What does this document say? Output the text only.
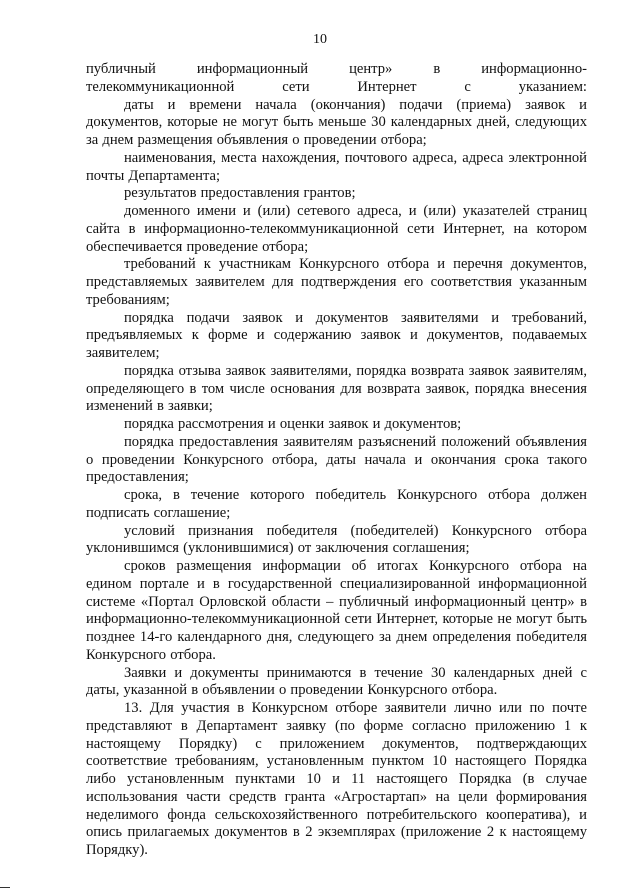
10

публичный информационный центр» в информационно-телекоммуникационной сети Интернет с указанием:

даты и времени начала (окончания) подачи (приема) заявок и документов, которые не могут быть меньше 30 календарных дней, следующих за днем размещения объявления о проведении отбора;

наименования, места нахождения, почтового адреса, адреса электронной почты Департамента;

результатов предоставления грантов;

доменного имени и (или) сетевого адреса, и (или) указателей страниц сайта в информационно-телекоммуникационной сети Интернет, на котором обеспечивается проведение отбора;

требований к участникам Конкурсного отбора и перечня документов, представляемых заявителем для подтверждения его соответствия указанным требованиям;

порядка подачи заявок и документов заявителями и требований, предъявляемых к форме и содержанию заявок и документов, подаваемых заявителем;

порядка отзыва заявок заявителями, порядка возврата заявок заявителям, определяющего в том числе основания для возврата заявок, порядка внесения изменений в заявки;

порядка рассмотрения и оценки заявок и документов;

порядка предоставления заявителям разъяснений положений объявления о проведении Конкурсного отбора, даты начала и окончания срока такого предоставления;

срока, в течение которого победитель Конкурсного отбора должен подписать соглашение;

условий признания победителя (победителей) Конкурсного отбора уклонившимся (уклонившимися) от заключения соглашения;

сроков размещения информации об итогах Конкурсного отбора на едином портале и в государственной специализированной информационной системе «Портал Орловской области – публичный информационный центр» в информационно-телекоммуникационной сети Интернет, которые не могут быть позднее 14-го календарного дня, следующего за днем определения победителя Конкурсного отбора.

Заявки и документы принимаются в течение 30 календарных дней с даты, указанной в объявлении о проведении Конкурсного отбора.

13. Для участия в Конкурсном отборе заявители лично или по почте представляют в Департамент заявку (по форме согласно приложению 1 к настоящему Порядку) с приложением документов, подтверждающих соответствие требованиям, установленным пунктом 10 настоящего Порядка либо установленным пунктами 10 и 11 настоящего Порядка (в случае использования части средств гранта «Агростартап» на цели формирования неделимого фонда сельскохозяйственного потребительского кооператива), и опись прилагаемых документов в 2 экземплярах (приложение 2 к настоящему Порядку).
